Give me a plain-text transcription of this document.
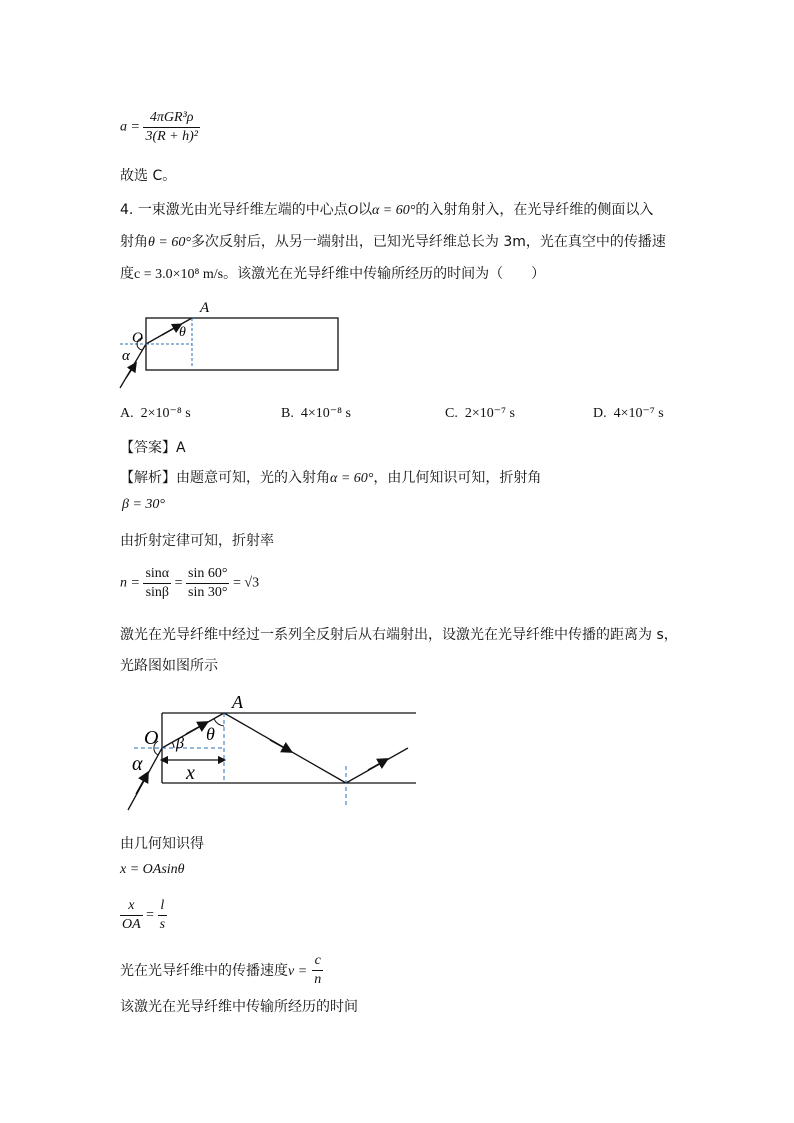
$a = \frac{\text{4πGR³ρ}}{\text{3(R + h)²}}$
故选 C。
4. 一束激光由光导纤维左端的中心点O以α = 60°的入射角射入，在光导纤维的侧面以入
射角θ = 60°多次反射后，从另一端射出，已知光导纤维总长为 3m，光在真空中的传播速
度c = 3.0×10⁸ m/s。该激光在光导纤维中传输所经历的时间为（　　）
A
O
α
θ
A. 2×10⁻⁸ s	B. 4×10⁻⁸ s	C. 2×10⁻⁷ s	D. 4×10⁻⁷ s
【答案】A
【解析】由题意可知，光的入射角α = 60°，由几何知识可知，折射角
β = 30°
由折射定律可知，折射率
$n = \frac{\sin\alpha}{\sin\beta} = \frac{\sin 60^\circ}{\sin 30^\circ} = √3$
激光在光导纤维中经过一系列全反射后从右端射出，设激光在光导纤维中传播的距离为 s，
光路图如图所示
A
O
α
β θ
x
由几何知识得
x = OAsinθ
$\frac{x}{OA} = \frac{l}{s}$
光在光导纤维中的传播速度$v = \frac{c}{n}$
该激光在光导纤维中传输所经历的时间
